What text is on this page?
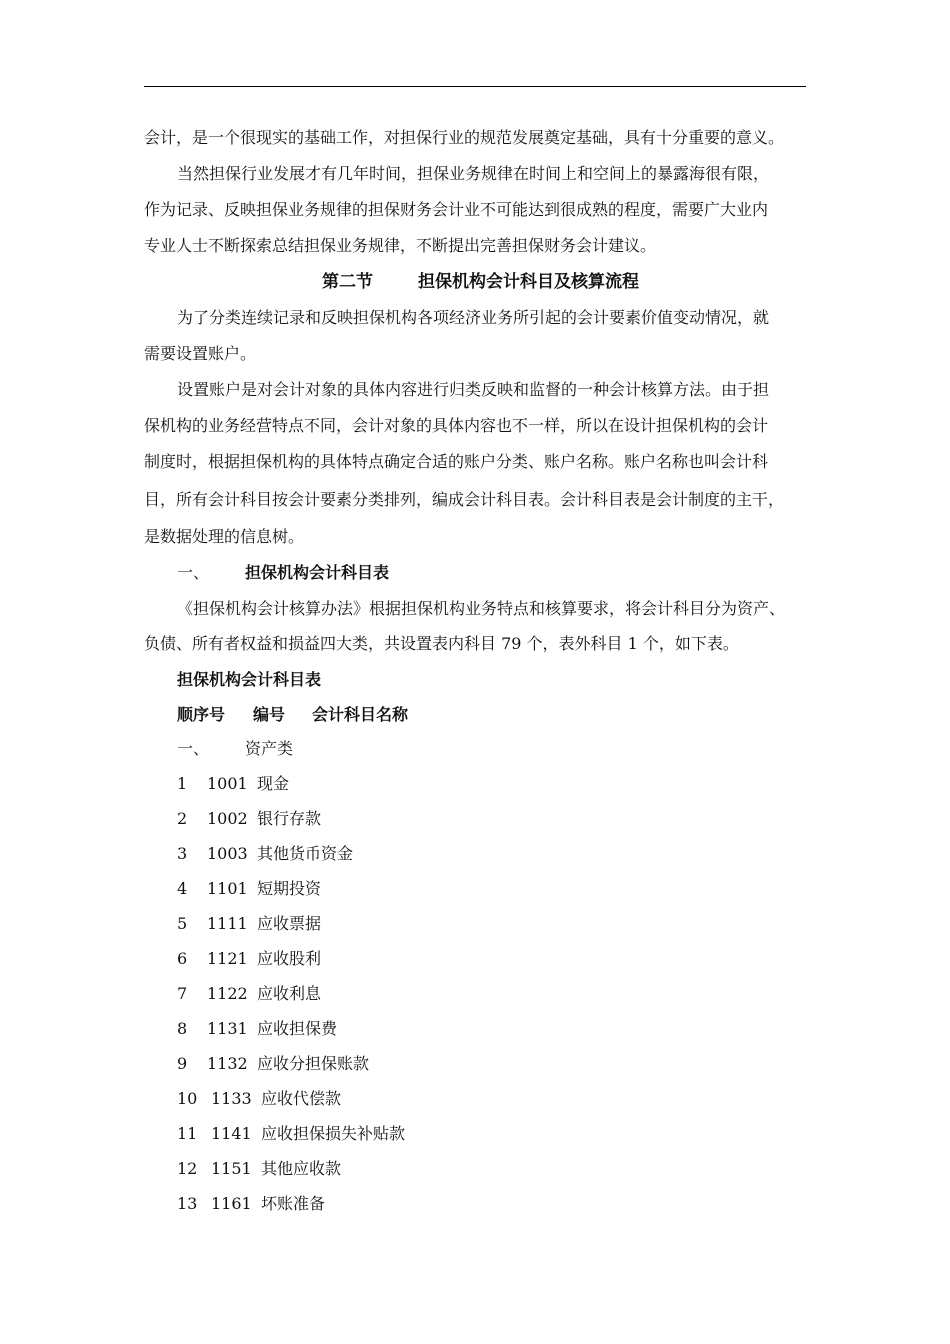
会计，是一个很现实的基础工作，对担保行业的规范发展奠定基础，具有十分重要的意义。
当然担保行业发展才有几年时间，担保业务规律在时间上和空间上的暴露海很有限，
作为记录、反映担保业务规律的担保财务会计业不可能达到很成熟的程度，需要广大业内
专业人士不断探索总结担保业务规律，不断提出完善担保财务会计建议。
第二节	担保机构会计科目及核算流程
为了分类连续记录和反映担保机构各项经济业务所引起的会计要素价值变动情况，就
需要设置账户。
设置账户是对会计对象的具体内容进行归类反映和监督的一种会计核算方法。由于担
保机构的业务经营特点不同，会计对象的具体内容也不一样，所以在设计担保机构的会计
制度时，根据担保机构的具体特点确定合适的账户分类、账户名称。账户名称也叫会计科
目，所有会计科目按会计要素分类排列，编成会计科目表。会计科目表是会计制度的主干，
是数据处理的信息树。
一、 担保机构会计科目表
《担保机构会计核算办法》根据担保机构业务特点和核算要求，将会计科目分为资产、
负债、所有者权益和损益四大类，共设置表内科目 79 个，表外科目 1 个，如下表。
担保机构会计科目表
顺序号 编号 会计科目名称
一、 资产类
1 1001 现金
2 1002 银行存款
3 1003 其他货币资金
4 1101 短期投资
5 1111 应收票据
6 1121 应收股利
7 1122 应收利息
8 1131 应收担保费
9 1132 应收分担保账款
10 1133 应收代偿款
11 1141 应收担保损失补贴款
12 1151 其他应收款
13 1161 坏账准备
